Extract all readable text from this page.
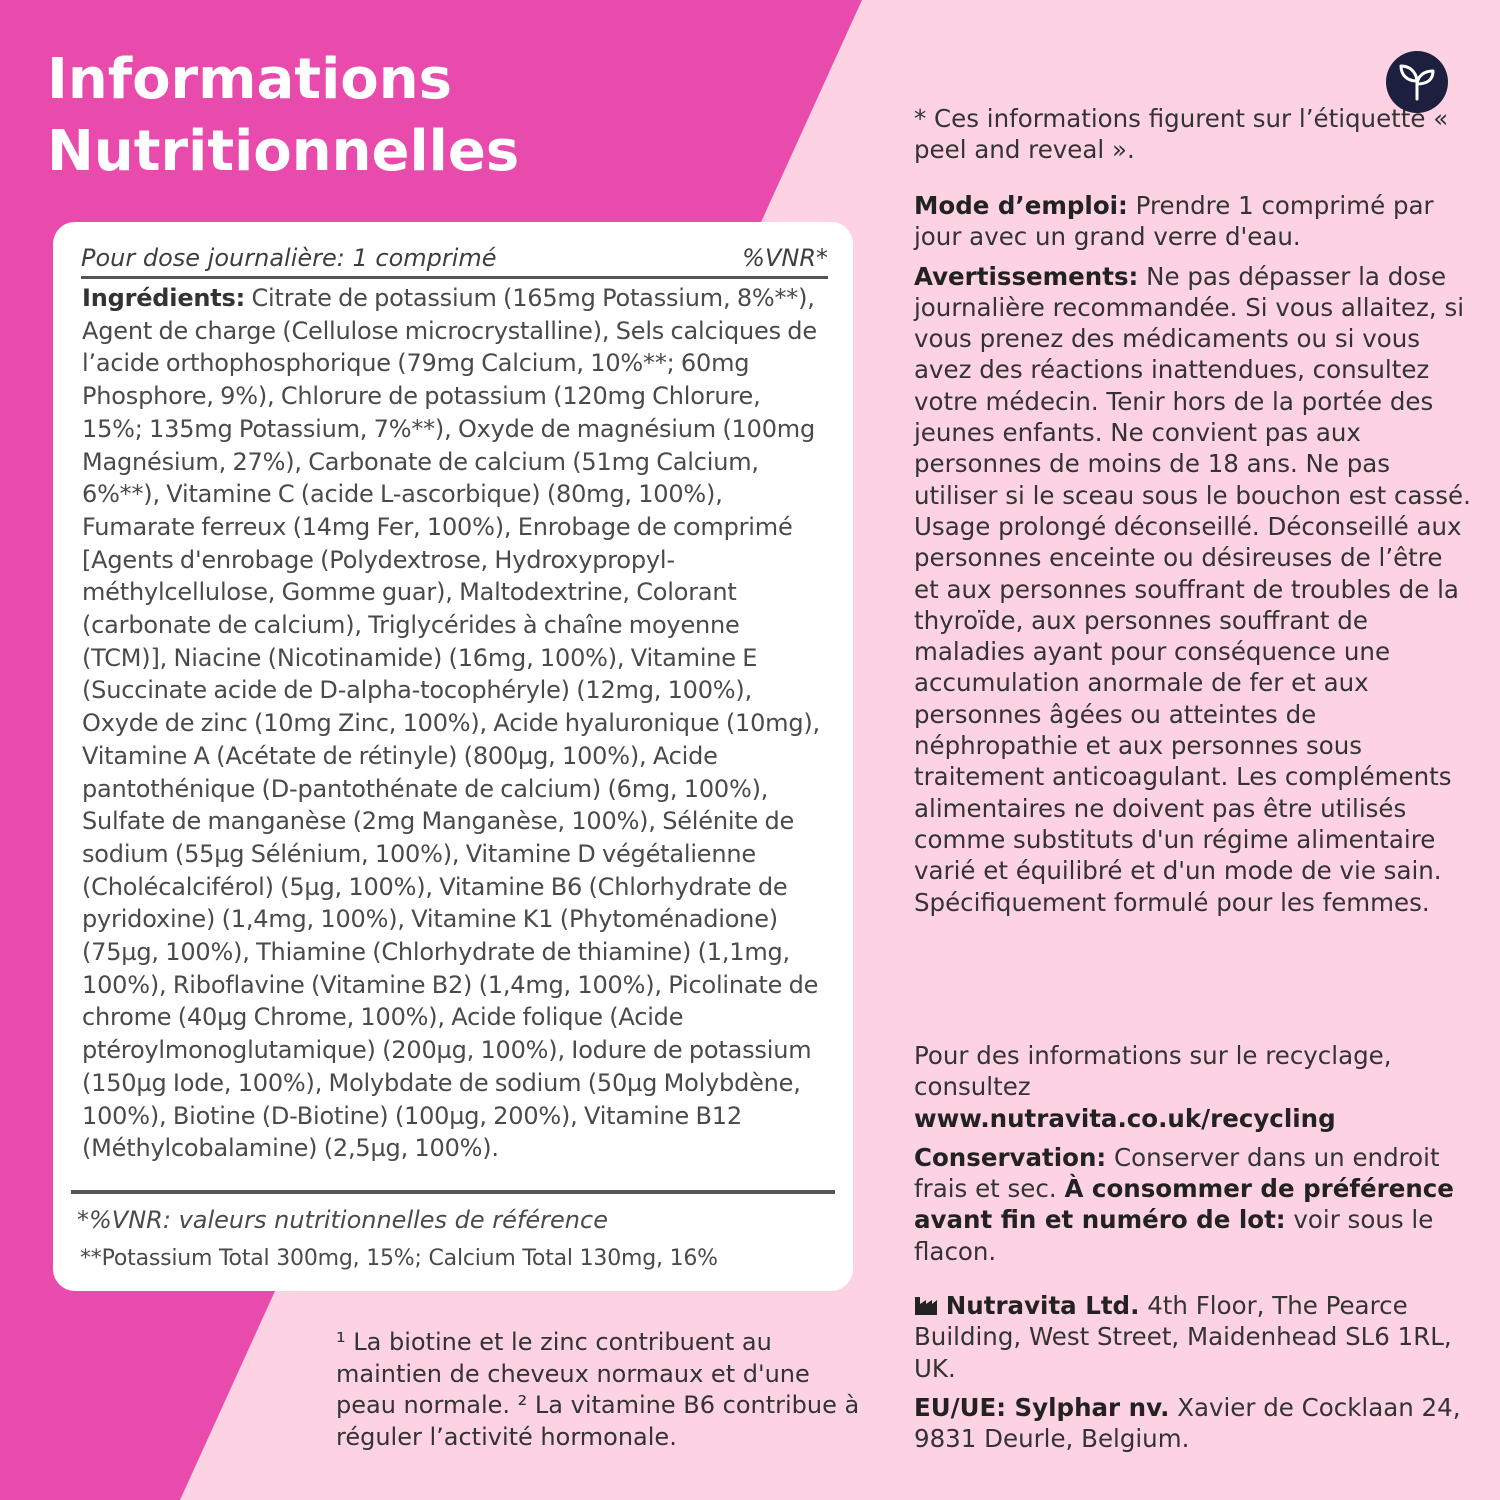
Informations
Nutritionnelles
Pour dose journalière: 1 comprimé	%VNR*
Ingrédients: Citrate de potassium (165mg Potassium, 8%**), Agent de charge (Cellulose microcrystalline), Sels calciques de l’acide orthophosphorique (79mg Calcium, 10%**; 60mg Phosphore, 9%), Chlorure de potassium (120mg Chlorure, 15%; 135mg Potassium, 7%**), Oxyde de magnésium (100mg Magnésium, 27%), Carbonate de calcium (51mg Calcium, 6%**), Vitamine C (acide L-ascorbique) (80mg, 100%), Fumarate ferreux (14mg Fer, 100%), Enrobage de comprimé [Agents d'enrobage (Polydextrose, Hydroxypropyl-méthylcellulose, Gomme guar), Maltodextrine, Colorant (carbonate de calcium), Triglycérides à chaîne moyenne (TCM)], Niacine (Nicotinamide) (16mg, 100%), Vitamine E (Succinate acide de D-alpha-tocophéryle) (12mg, 100%), Oxyde de zinc (10mg Zinc, 100%), Acide hyaluronique (10mg), Vitamine A (Acétate de rétinyle) (800µg, 100%), Acide pantothénique (D-pantothénate de calcium) (6mg, 100%), Sulfate de manganèse (2mg Manganèse, 100%), Sélénite de sodium (55µg Sélénium, 100%), Vitamine D végétalienne (Cholécalciférol) (5µg, 100%), Vitamine B6 (Chlorhydrate de pyridoxine) (1,4mg, 100%), Vitamine K1 (Phytoménadione) (75µg, 100%), Thiamine (Chlorhydrate de thiamine) (1,1mg, 100%), Riboflavine (Vitamine B2) (1,4mg, 100%), Picolinate de chrome (40µg Chrome, 100%), Acide folique (Acide ptéroylmonoglutamique) (200µg, 100%), Iodure de potassium (150µg Iode, 100%), Molybdate de sodium (50µg Molybdène, 100%), Biotine (D-Biotine) (100µg, 200%), Vitamine B12 (Méthylcobalamine) (2,5µg, 100%).
*%VNR: valeurs nutritionnelles de référence
**Potassium Total 300mg, 15%; Calcium Total 130mg, 16%
¹ La biotine et le zinc contribuent au maintien de cheveux normaux et d'une peau normale. ² La vitamine B6 contribue à réguler l’activité hormonale.
* Ces informations figurent sur l’étiquette « peel and reveal ».

Mode d’emploi: Prendre 1 comprimé par jour avec un grand verre d'eau.

Avertissements: Ne pas dépasser la dose journalière recommandée. Si vous allaitez, si vous prenez des médicaments ou si vous avez des réactions inattendues, consultez votre médecin. Tenir hors de la portée des jeunes enfants. Ne convient pas aux personnes de moins de 18 ans. Ne pas utiliser si le sceau sous le bouchon est cassé. Usage prolongé déconseillé. Déconseillé aux personnes enceinte ou désireuses de l’être et aux personnes souffrant de troubles de la thyroïde, aux personnes souffrant de maladies ayant pour conséquence une accumulation anormale de fer et aux personnes âgées ou atteintes de néphropathie et aux personnes sous traitement anticoagulant. Les compléments alimentaires ne doivent pas être utilisés comme substituts d'un régime alimentaire varié et équilibré et d'un mode de vie sain. Spécifiquement formulé pour les femmes.

Pour des informations sur le recyclage, consultez
www.nutravita.co.uk/recycling

Conservation: Conserver dans un endroit frais et sec. À consommer de préférence avant fin et numéro de lot: voir sous le flacon.

Nutravita Ltd. 4th Floor, The Pearce Building, West Street, Maidenhead SL6 1RL, UK.

EU/UE: Sylphar nv. Xavier de Cocklaan 24, 9831 Deurle, Belgium.
